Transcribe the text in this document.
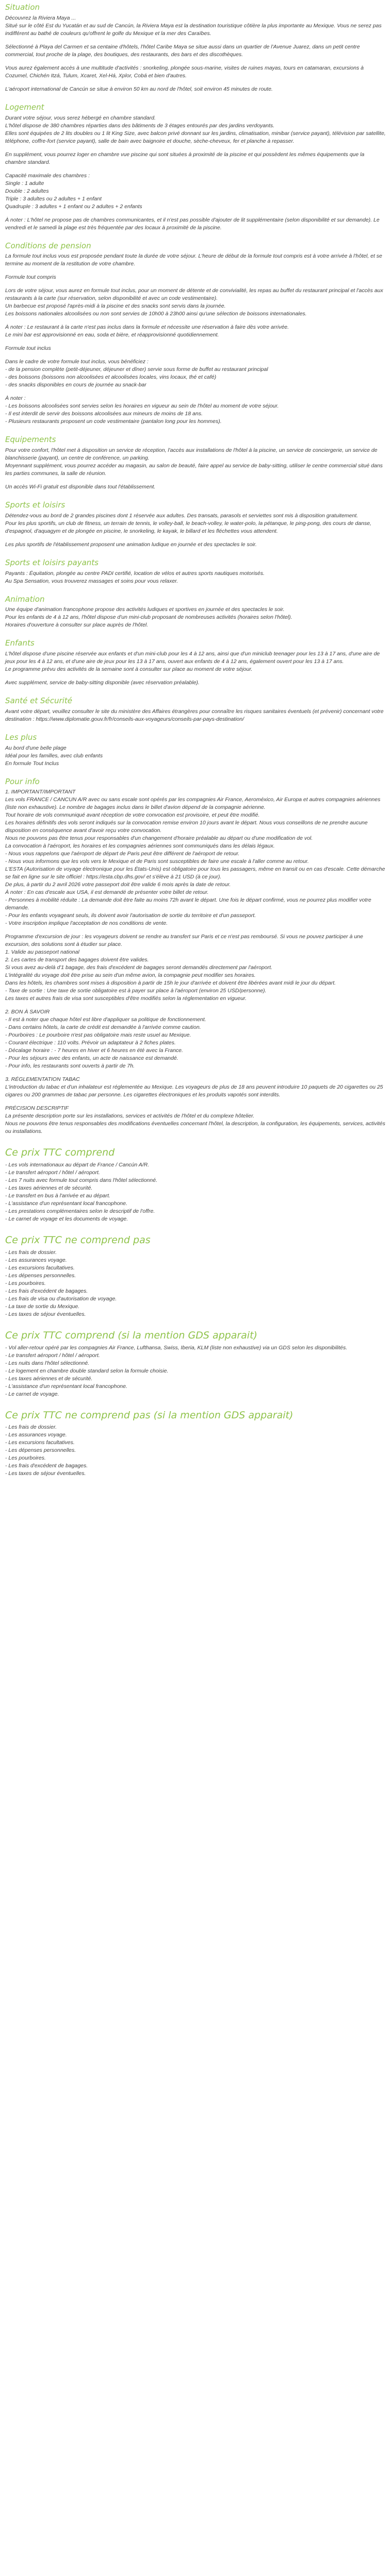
Situation
Découvrez la Riviera Maya ...
Situé sur le côté Est du Yucatán et au sud de Cancún, la Riviera Maya est la destination touristique côtière la plus importante au Mexique. Vous ne serez pas indifférent au bathé de couleurs qu'offrent le golfe du Mexique et la mer des Caraïbes.
Sélectionné à Playa del Carmen et sa centaine d'hôtels, l'hôtel Caribe Maya se situe aussi dans un quartier de l'Avenue Juarez, dans un petit centre commercial, tout proche de la plage, des boutiques, des restaurants, des bars et des discothèques.
Vous aurez également accès à une multitude d'activités : snorkeling, plongée sous-marine, visites de ruines mayas, tours en catamaran, excursions à Cozumel, Chichén Itzá, Tulum, Xcaret, Xel-Há, Xplor, Cobá et bien d'autres.
L'aéroport international de Cancún se situe à environ 50 km au nord de l'hôtel, soit environ 45 minutes de route.
Logement
Durant votre séjour, vous serez hébergé en chambre standard.
L'hôtel dispose de 380 chambres réparties dans des bâtiments de 3 étages entourés par des jardins verdoyants.
Elles sont équipées de 2 lits doubles ou 1 lit King Size, avec balcon privé donnant sur les jardins, climatisation, minibar (service payant), télévision par satellite, téléphone, coffre-fort (service payant), salle de bain avec baignoire et douche, sèche-cheveux, fer et planche à repasser.
En supplément, vous pourrez loger en chambre vue piscine qui sont situées à proximité de la piscine et qui possèdent les mêmes équipements que la chambre standard.
Capacité maximale des chambres :
Single : 1 adulte
Double : 2 adultes
Triple : 3 adultes ou 2 adultes + 1 enfant
Quadruple : 3 adultes + 1 enfant ou 2 adultes + 2 enfants
À noter : L'hôtel ne propose pas de chambres communicantes, et il n'est pas possible d'ajouter de lit supplémentaire (selon disponibilité et sur demande). Le vendredi et le samedi la plage est très fréquentée par des locaux à proximité de la piscine.
Conditions de pension
La formule tout inclus vous est proposée pendant toute la durée de votre séjour. L'heure de début de la formule tout compris est à votre arrivée à l'hôtel, et se termine au moment de la restitution de votre chambre.
Formule tout compris
Lors de votre séjour, vous aurez en formule tout inclus, pour un moment de détente et de convivialité, les repas au buffet du restaurant principal et l'accès aux restaurants à la carte (sur réservation, selon disponibilité et avec un code vestimentaire).
Un barbecue est proposé l'après-midi à la piscine et des snacks sont servis dans la journée.
Les boissons nationales alcoolisées ou non sont servies de 10h00 à 23h00 ainsi qu'une sélection de boissons internationales.
À noter : Le restaurant à la carte n'est pas inclus dans la formule et nécessite une réservation à faire dès votre arrivée.
Le mini bar est approvisionné en eau, soda et bière, et réapprovisionné quotidiennement.
Formule tout inclus
Dans le cadre de votre formule tout inclus, vous bénéficiez :
- de la pension complète (petit-déjeuner, déjeuner et dîner) servie sous forme de buffet au restaurant principal
- des boissons (boissons non alcoolisées et alcoolisées locales, vins locaux, thé et café)
- des snacks disponibles en cours de journée au snack-bar
À noter :
- Les boissons alcoolisées sont servies selon les horaires en vigueur au sein de l'hôtel au moment de votre séjour.
- Il est interdit de servir des boissons alcoolisées aux mineurs de moins de 18 ans.
- Plusieurs restaurants proposent un code vestimentaire (pantalon long pour les hommes).
Equipements
Pour votre confort, l'hôtel met à disposition un service de réception, l'accès aux installations de l'hôtel à la piscine, un service de conciergerie, un service de blanchisserie (payant), un centre de conférence, un parking.
Moyennant supplément, vous pourrez accéder au magasin, au salon de beauté, faire appel au service de baby-sitting, utiliser le centre commercial situé dans les parties communes, la salle de réunion.
Un accès Wi-Fi gratuit est disponible dans tout l'établissement.
Sports et loisirs
Détendez-vous au bord de 2 grandes piscines dont 1 réservée aux adultes. Des transats, parasols et serviettes sont mis à disposition gratuitement.
Pour les plus sportifs, un club de fitness, un terrain de tennis, le volley-ball, le beach-volley, le water-polo, la pétanque, le ping-pong, des cours de danse, d'espagnol, d'aquagym et de plongée en piscine, le snorkeling, le kayak, le billard et les fléchettes vous attendent.
Les plus sportifs de l'établissement proposent une animation ludique en journée et des spectacles le soir.
Sports et loisirs payants
Payants : Équitation, plongée au centre PADI certifié, location de vélos et autres sports nautiques motorisés.
Au Spa Sensation, vous trouverez massages et soins pour vous relaxer.
Animation
Une équipe d'animation francophone propose des activités ludiques et sportives en journée et des spectacles le soir.
Pour les enfants de 4 à 12 ans, l'hôtel dispose d'un mini-club proposant de nombreuses activités (horaires selon l'hôtel).
Horaires d'ouverture à consulter sur place auprès de l'hôtel.
Enfants
L'hôtel dispose d'une piscine réservée aux enfants et d'un mini-club pour les 4 à 12 ans, ainsi que d'un miniclub teenager pour les 13 à 17 ans, d'une aire de jeux pour les 4 à 12 ans, et d'une aire de jeux pour les 13 à 17 ans, ouvert aux enfants de 4 à 12 ans, également ouvert pour les 13 à 17 ans.
Le programme prévu des activités de la semaine sont à consulter sur place au moment de votre séjour.
Avec supplément, service de baby-sitting disponible (avec réservation préalable).
Santé et Sécurité
Avant votre départ, veuillez consulter le site du ministère des Affaires étrangères pour connaître les risques sanitaires éventuels (et prévenir) concernant votre destination : https://www.diplomatie.gouv.fr/fr/conseils-aux-voyageurs/conseils-par-pays-destination/
Les plus
Au bord d'une belle plage
Idéal pour les familles, avec club enfants
En formule Tout Inclus
Pour info
1. IMPORTANT/IMPORTANT
Les vols FRANCE / CANCUN A/R avec ou sans escale sont opérés par les compagnies Air France, Aeroméxico, Air Europa et autres compagnies aériennes (liste non exhaustive). Le nombre de bagages inclus dans le billet d'avion dépend de la compagnie aérienne.
Tout horaire de vols communiqué avant réception de votre convocation est provisoire, et peut être modifié.
Les horaires définitifs des vols seront indiqués sur la convocation remise environ 10 jours avant le départ. Nous vous conseillons de ne prendre aucune disposition en conséquence avant d'avoir reçu votre convocation.
Nous ne pouvons pas être tenus pour responsables d'un changement d'horaire préalable au départ ou d'une modification de vol.
La convocation à l'aéroport, les horaires et les compagnies aériennes sont communiqués dans les délais légaux.
- Nous vous rappelons que l'aéroport de départ de Paris peut être différent de l'aéroport de retour.
- Nous vous informons que les vols vers le Mexique et de Paris sont susceptibles de faire une escale à l'aller comme au retour.
L'ESTA (Autorisation de voyage électronique pour les États-Unis) est obligatoire pour tous les passagers, même en transit ou en cas d'escale. Cette démarche se fait en ligne sur le site officiel : https://esta.cbp.dhs.gov/ et s'élève à 21 USD (à ce jour).
De plus, à partir du 2 avril 2026 votre passeport doit être valide 6 mois après la date de retour.
À noter : En cas d'escale aux USA, il est demandé de présenter votre billet de retour.
- Personnes à mobilité réduite : La demande doit être faite au moins 72h avant le départ. Une fois le départ confirmé, vous ne pourrez plus modifier votre demande.
- Pour les enfants voyageant seuls, ils doivent avoir l'autorisation de sortie du territoire et d'un passeport.
- Votre inscription implique l'acceptation de nos conditions de vente.
Programme d'excursion de jour : les voyageurs doivent se rendre au transfert sur Paris et ce n'est pas remboursé. Si vous ne pouvez participer à une excursion, des solutions sont à étudier sur place.
1. Valide au passeport national
2. Les cartes de transport des bagages doivent être valides.
Si vous avez au-delà d'1 bagage, des frais d'excédent de bagages seront demandés directement par l'aéroport.
L'intégralité du voyage doit être prise au sein d'un même avion, la compagnie peut modifier ses horaires.
Dans les hôtels, les chambres sont mises à disposition à partir de 15h le jour d'arrivée et doivent être libérées avant midi le jour du départ.
- Taxe de sortie : Une taxe de sortie obligatoire est à payer sur place à l'aéroport (environ 25 USD/personne).
Les taxes et autres frais de visa sont susceptibles d'être modifiés selon la réglementation en vigueur.
2. BON À SAVOIR
- Il est à noter que chaque hôtel est libre d'appliquer sa politique de fonctionnement.
- Dans certains hôtels, la carte de crédit est demandée à l'arrivée comme caution.
- Pourboires : Le pourboire n'est pas obligatoire mais reste usuel au Mexique.
- Courant électrique : 110 volts. Prévoir un adaptateur à 2 fiches plates.
- Décalage horaire : - 7 heures en hiver et 6 heures en été avec la France.
- Pour les séjours avec des enfants, un acte de naissance est demandé.
- Pour info, les restaurants sont ouverts à partir de 7h.
3. RÉGLEMENTATION TABAC
L'introduction du tabac et d'un inhalateur est réglementée au Mexique. Les voyageurs de plus de 18 ans peuvent introduire 10 paquets de 20 cigarettes ou 25 cigares ou 200 grammes de tabac par personne. Les cigarettes électroniques et les produits vapotés sont interdits.
PRÉCISION DESCRIPTIF
La présente description porte sur les installations, services et activités de l'hôtel et du complexe hôtelier.
Nous ne pouvons être tenus responsables des modifications éventuelles concernant l'hôtel, la description, la configuration, les équipements, services, activités ou installations.
Ce prix TTC comprend
- Les vols internationaux au départ de France / Cancún A/R.
- Le transfert aéroport / hôtel / aéroport.
- Les 7 nuits avec formule tout compris dans l'hôtel sélectionné.
- Les taxes aériennes et de sécurité.
- Le transfert en bus à l'arrivée et au départ.
- L'assistance d'un représentant local francophone.
- Les prestations complémentaires selon le descriptif de l'offre.
- Le carnet de voyage et les documents de voyage.
Ce prix TTC ne comprend pas
- Les frais de dossier.
- Les assurances voyage.
- Les excursions facultatives.
- Les dépenses personnelles.
- Les pourboires.
- Les frais d'excédent de bagages.
- Les frais de visa ou d'autorisation de voyage.
- La taxe de sortie du Mexique.
- Les taxes de séjour éventuelles.
Ce prix TTC comprend (si la mention GDS apparait)
- Vol aller-retour opéré par les compagnies Air France, Lufthansa, Swiss, Iberia, KLM (liste non exhaustive) via un GDS selon les disponibilités.
- Le transfert aéroport / hôtel / aéroport.
- Les nuits dans l'hôtel sélectionné.
- Le logement en chambre double standard selon la formule choisie.
- Les taxes aériennes et de sécurité.
- L'assistance d'un représentant local francophone.
- Le carnet de voyage.
Ce prix TTC ne comprend pas (si la mention GDS apparait)
- Les frais de dossier.
- Les assurances voyage.
- Les excursions facultatives.
- Les dépenses personnelles.
- Les pourboires.
- Les frais d'excédent de bagages.
- Les taxes de séjour éventuelles.
